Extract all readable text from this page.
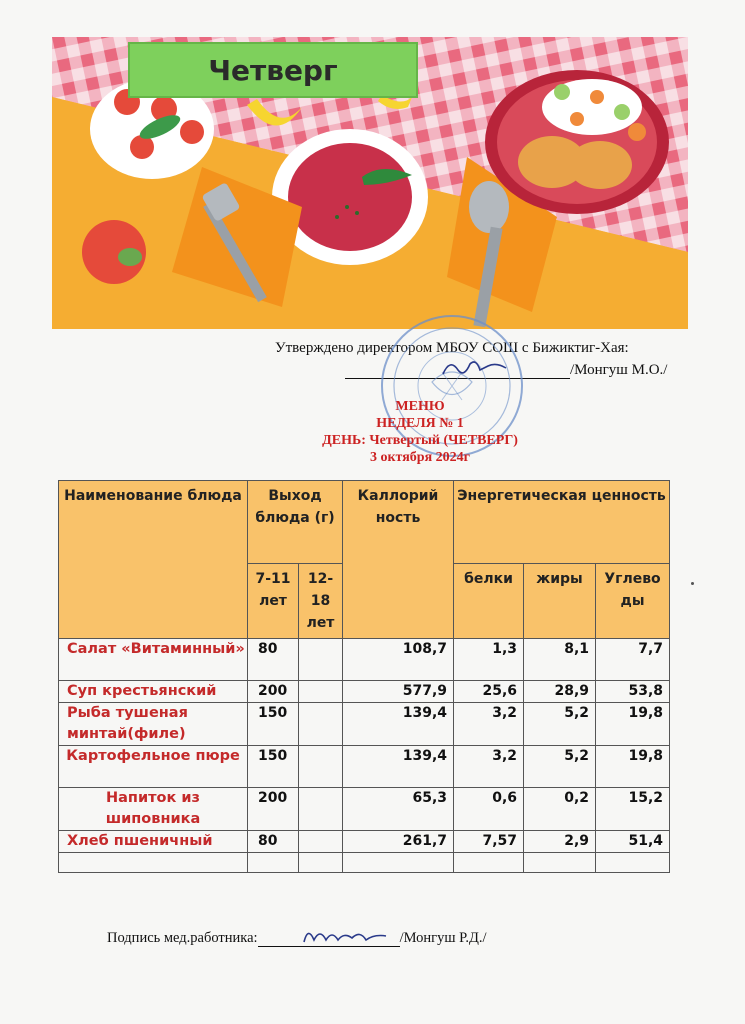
Четверг
Утверждено директором МБОУ СОШ с Бижиктиг-Хая:
/Монгуш М.О./
МЕНЮ
НЕДЕЛЯ № 1
ДЕНЬ: Четвертый (ЧЕТВЕРГ)
3 октября 2024г
Наименование блюда	Выход блюда (г)		Каллорий ность	Энергетическая ценность		
	7-11 лет	12-18 лет		белки	жиры	Углево ды
Салат «Витаминный»	80		108,7	1,3	8,1	7,7
Суп крестьянский	200		577,9	25,6	28,9	53,8
Рыба тушеная минтай(филе)	150		139,4	3,2	5,2	19,8
Картофельное пюре	150		139,4	3,2	5,2	19,8
Напиток из шиповника	200		65,3	0,6	0,2	15,2
Хлеб пшеничный	80		261,7	7,57	2,9	51,4

Подпись мед.работника:	/Монгуш Р.Д./
